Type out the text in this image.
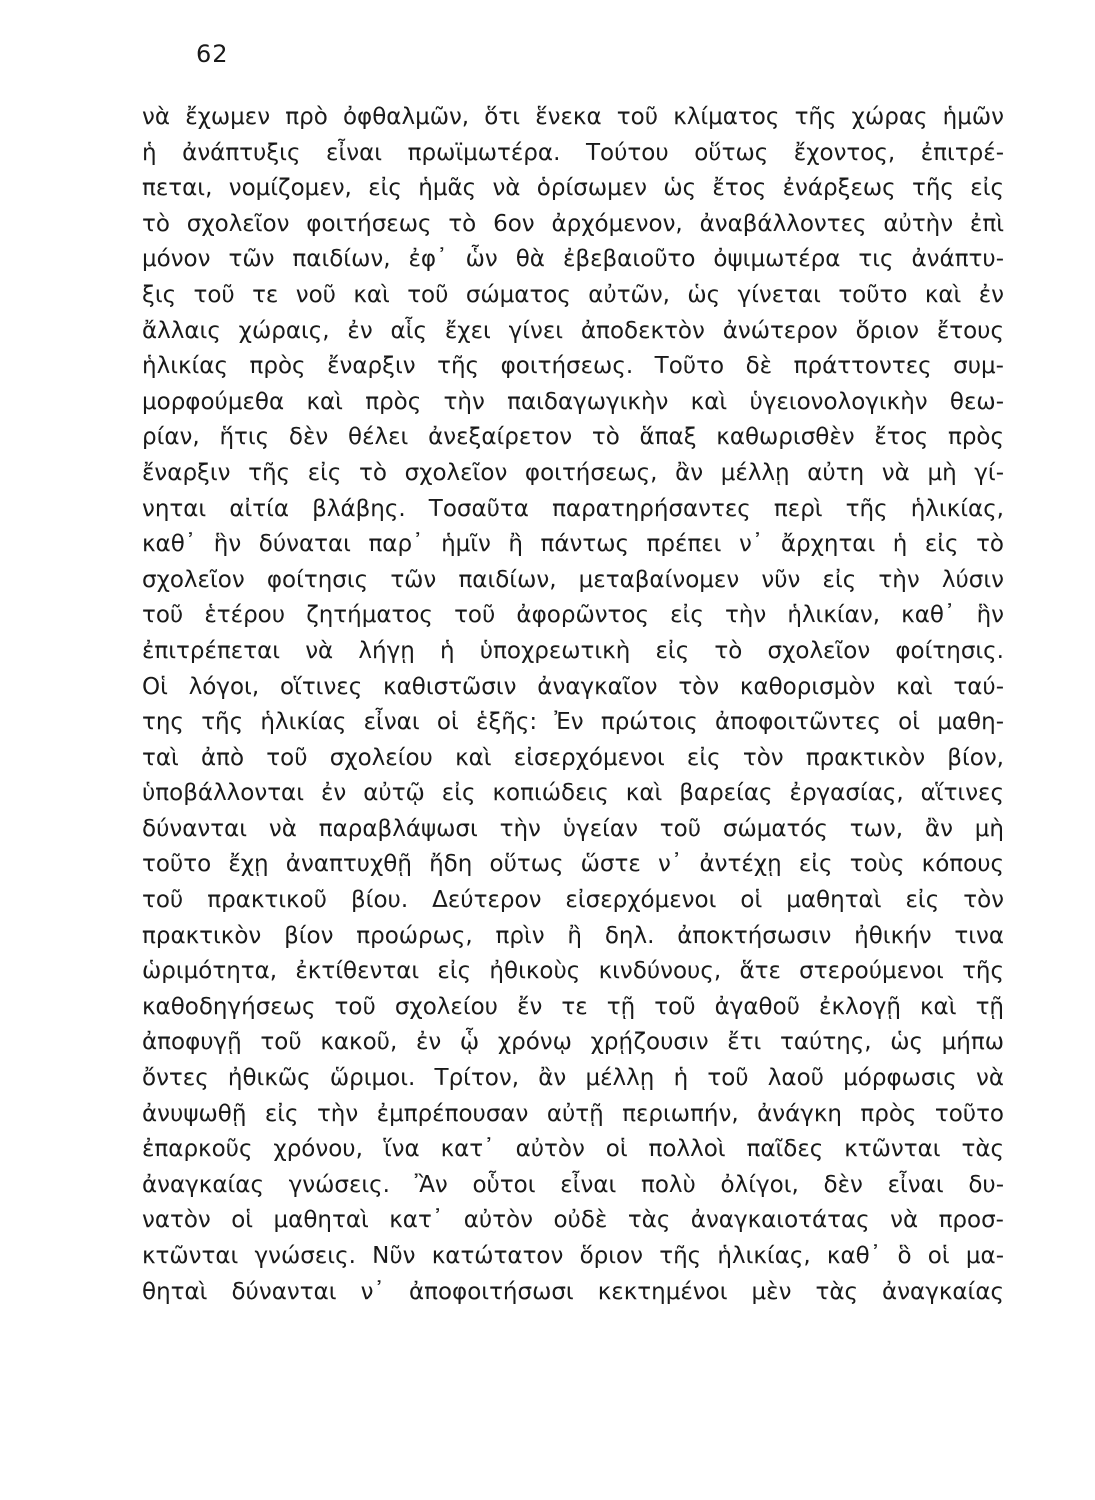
62
νὰ ἔχωμεν πρὸ ὀφθαλμῶν, ὅτι ἕνεκα τοῦ κλίματος τῆς χώρας ἡμῶν
ἡ ἀνάπτυξις εἶναι πρωϊμωτέρα. Τούτου οὕτως ἔχοντος, ἐπιτρέ-
πεται, νομίζομεν, εἰς ἡμᾶς νὰ ὁρίσωμεν ὡς ἔτος ἐνάρξεως τῆς εἰς
τὸ σχολεῖον φοιτήσεως τὸ 6ον ἀρχόμενον, ἀναβάλλοντες αὐτὴν ἐπὶ
μόνον τῶν παιδίων, ἐφ᾽ ὧν θὰ ἐβεβαιοῦτο ὀψιμωτέρα τις ἀνάπτυ-
ξις τοῦ τε νοῦ καὶ τοῦ σώματος αὐτῶν, ὡς γίνεται τοῦτο καὶ ἐν
ἄλλαις χώραις, ἐν αἷς ἔχει γίνει ἀποδεκτὸν ἀνώτερον ὅριον ἔτους
ἡλικίας πρὸς ἔναρξιν τῆς φοιτήσεως. Τοῦτο δὲ πράττοντες συμ-
μορφούμεθα καὶ πρὸς τὴν παιδαγωγικὴν καὶ ὑγειονολογικὴν θεω-
ρίαν, ἥτις δὲν θέλει ἀνεξαίρετον τὸ ἅπαξ καθωρισθὲν ἔτος πρὸς
ἔναρξιν τῆς εἰς τὸ σχολεῖον φοιτήσεως, ἂν μέλλῃ αὐτη νὰ μὴ γί-
νηται αἰτία βλάβης. Τοσαῦτα παρατηρήσαντες περὶ τῆς ἡλικίας,
καθ᾽ ἣν δύναται παρ᾽ ἡμῖν ἢ πάντως πρέπει ν᾽ ἄρχηται ἡ εἰς τὸ
σχολεῖον φοίτησις τῶν παιδίων, μεταβαίνομεν νῦν εἰς τὴν λύσιν
τοῦ ἑτέρου ζητήματος τοῦ ἀφορῶντος εἰς τὴν ἡλικίαν, καθ᾽ ἣν
ἐπιτρέπεται νὰ λήγῃ ἡ ὑποχρεωτικὴ εἰς τὸ σχολεῖον φοίτησις.
Οἱ λόγοι, οἵτινες καθιστῶσιν ἀναγκαῖον τὸν καθορισμὸν καὶ ταύ-
της τῆς ἡλικίας εἶναι οἱ ἑξῆς: Ἐν πρώτοις ἀποφοιτῶντες οἱ μαθη-
ταὶ ἀπὸ τοῦ σχολείου καὶ εἰσερχόμενοι εἰς τὸν πρακτικὸν βίον,
ὑποβάλλονται ἐν αὐτῷ εἰς κοπιώδεις καὶ βαρείας ἐργασίας, αἵτινες
δύνανται νὰ παραβλάψωσι τὴν ὑγείαν τοῦ σώματός των, ἂν μὴ
τοῦτο ἔχῃ ἀναπτυχθῇ ἤδη οὕτως ὥστε ν᾽ ἀντέχῃ εἰς τοὺς κόπους
τοῦ πρακτικοῦ βίου. Δεύτερον εἰσερχόμενοι οἱ μαθηταὶ εἰς τὸν
πρακτικὸν βίον προώρως, πρὶν ἢ δηλ. ἀποκτήσωσιν ἠθικήν τινα
ὡριμότητα, ἐκτίθενται εἰς ἠθικοὺς κινδύνους, ἅτε στερούμενοι τῆς
καθοδηγήσεως τοῦ σχολείου ἔν τε τῇ τοῦ ἀγαθοῦ ἐκλογῇ καὶ τῇ
ἀποφυγῇ τοῦ κακοῦ, ἐν ᾧ χρόνῳ χρῄζουσιν ἔτι ταύτης, ὡς μήπω
ὄντες ἠθικῶς ὥριμοι. Τρίτον, ἂν μέλλῃ ἡ τοῦ λαοῦ μόρφωσις νὰ
ἀνυψωθῇ εἰς τὴν ἐμπρέπουσαν αὐτῇ περιωπήν, ἀνάγκη πρὸς τοῦτο
ἐπαρκοῦς χρόνου, ἵνα κατ᾽ αὐτὸν οἱ πολλοὶ παῖδες κτῶνται τὰς
ἀναγκαίας γνώσεις. Ἂν οὗτοι εἶναι πολὺ ὀλίγοι, δὲν εἶναι δυ-
νατὸν οἱ μαθηταὶ κατ᾽ αὐτὸν οὐδὲ τὰς ἀναγκαιοτάτας νὰ προσ-
κτῶνται γνώσεις. Νῦν κατώτατον ὅριον τῆς ἡλικίας, καθ᾽ ὃ οἱ μα-
θηταὶ δύνανται ν᾽ ἀποφοιτήσωσι κεκτημένοι μὲν τὰς ἀναγκαίας
